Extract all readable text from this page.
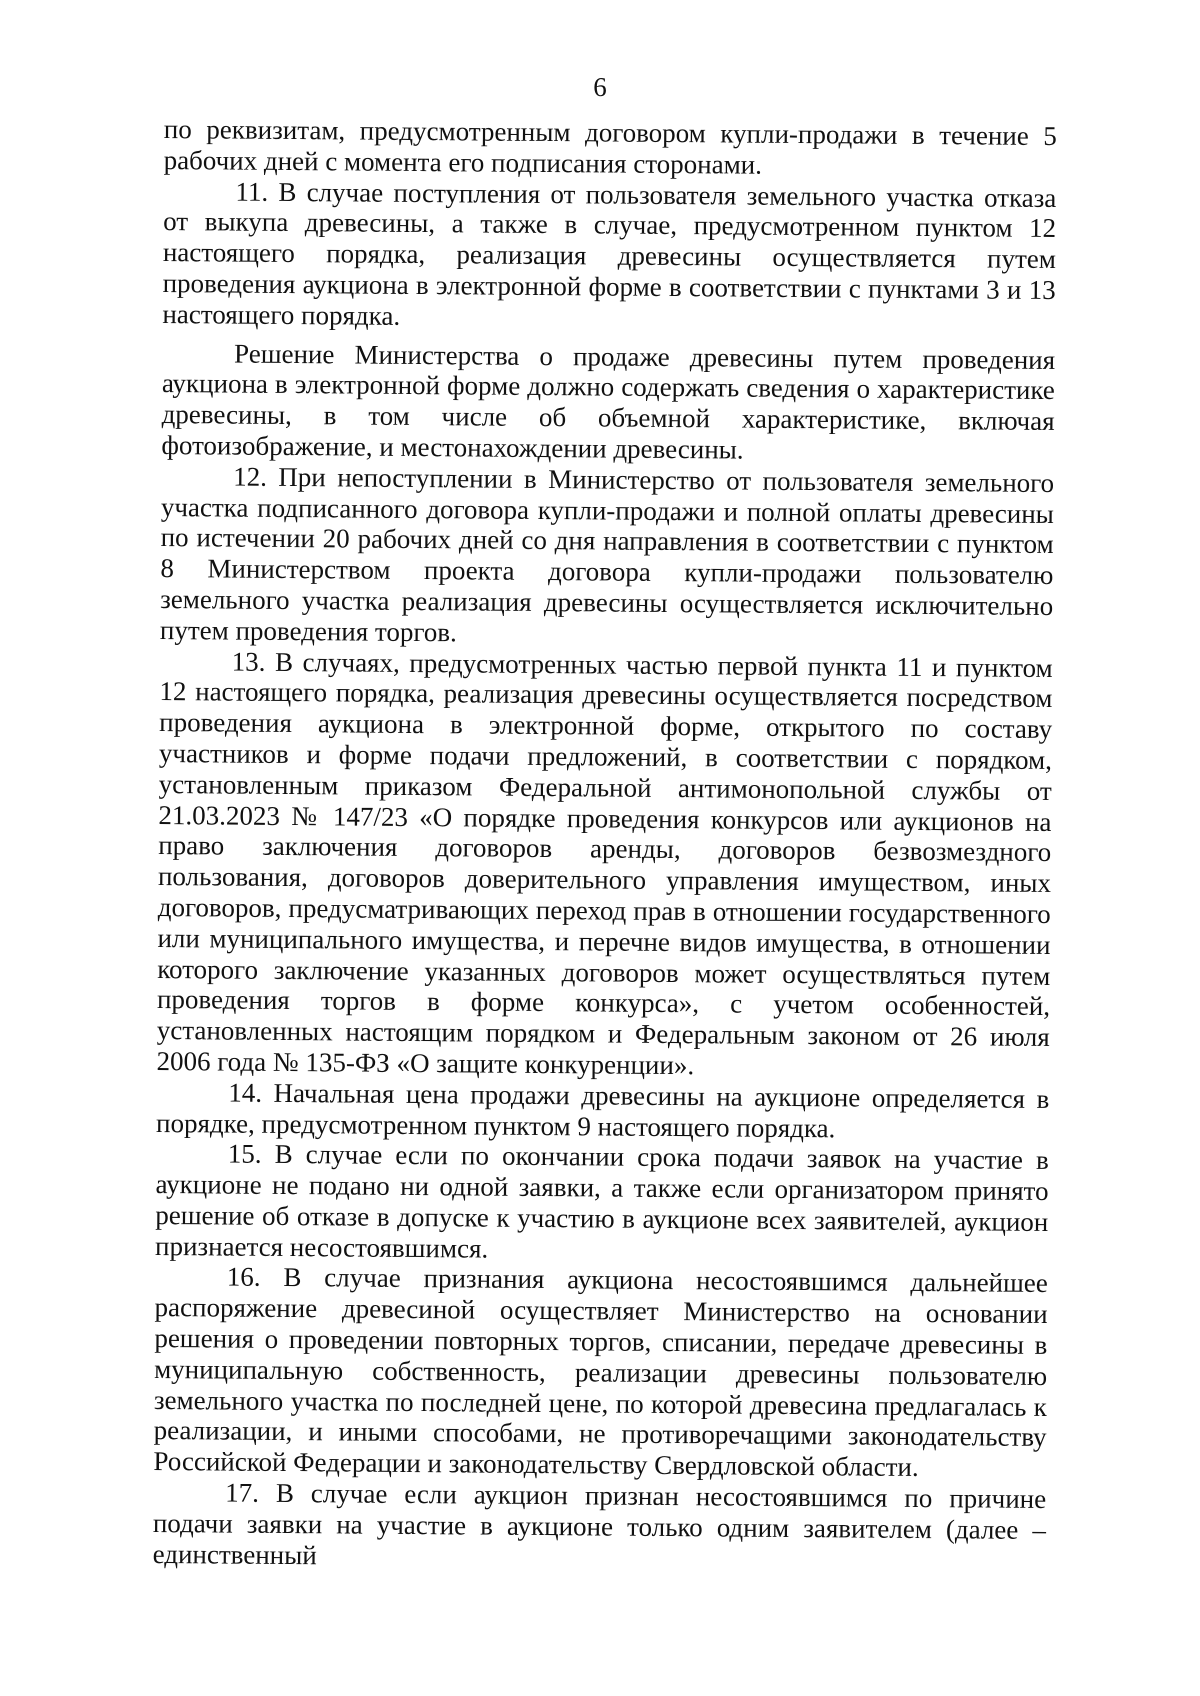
6

по реквизитам, предусмотренным договором купли-продажи в течение 5 рабочих дней с момента его подписания сторонами.

11. В случае поступления от пользователя земельного участка отказа от выкупа древесины, а также в случае, предусмотренном пунктом 12 настоящего порядка, реализация древесины осуществляется путем проведения аукциона в электронной форме в соответствии с пунктами 3 и 13 настоящего порядка.

Решение Министерства о продаже древесины путем проведения аукциона в электронной форме должно содержать сведения о характеристике древесины, в том числе об объемной характеристике, включая фотоизображение, и местонахождении древесины.

12. При непоступлении в Министерство от пользователя земельного участка подписанного договора купли-продажи и полной оплаты древесины по истечении 20 рабочих дней со дня направления в соответствии с пунктом 8 Министерством проекта договора купли-продажи пользователю земельного участка реализация древесины осуществляется исключительно путем проведения торгов.

13. В случаях, предусмотренных частью первой пункта 11 и пунктом 12 настоящего порядка, реализация древесины осуществляется посредством проведения аукциона в электронной форме, открытого по составу участников и форме подачи предложений, в соответствии с порядком, установленным приказом Федеральной антимонопольной службы от 21.03.2023 № 147/23 «О порядке проведения конкурсов или аукционов на право заключения договоров аренды, договоров безвозмездного пользования, договоров доверительного управления имуществом, иных договоров, предусматривающих переход прав в отношении государственного или муниципального имущества, и перечне видов имущества, в отношении которого заключение указанных договоров может осуществляться путем проведения торгов в форме конкурса», с учетом особенностей, установленных настоящим порядком и Федеральным законом от 26 июля 2006 года № 135-ФЗ «О защите конкуренции».

14. Начальная цена продажи древесины на аукционе определяется в порядке, предусмотренном пунктом 9 настоящего порядка.

15. В случае если по окончании срока подачи заявок на участие в аукционе не подано ни одной заявки, а также если организатором принято решение об отказе в допуске к участию в аукционе всех заявителей, аукцион признается несостоявшимся.

16. В случае признания аукциона несостоявшимся дальнейшее распоряжение древесиной осуществляет Министерство на основании решения о проведении повторных торгов, списании, передаче древесины в муниципальную собственность, реализации древесины пользователю земельного участка по последней цене, по которой древесина предлагалась к реализации, и иными способами, не противоречащими законодательству Российской Федерации и законодательству Свердловской области.

17. В случае если аукцион признан несостоявшимся по причине подачи заявки на участие в аукционе только одним заявителем (далее – единственный
